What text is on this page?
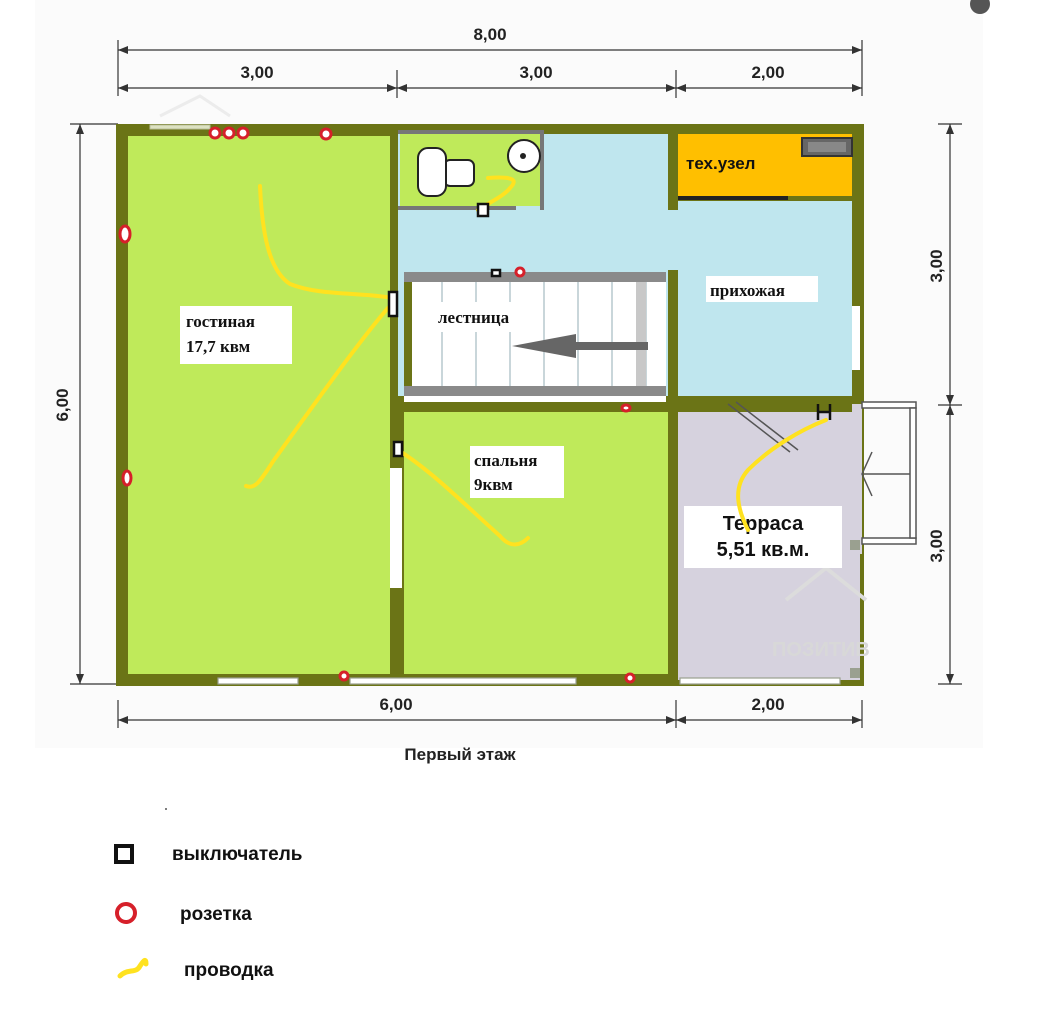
8,00
3,00	3,00	2,00
6,00	2,00
6,00
3,00
3,00
ПОЗИТИВ
гостиная
17,7 квм
лестница
прихожая
тех.узел
спальня
9квм
Терраса
5,51 кв.м.
Первый этаж
выключатель
розетка
проводка
